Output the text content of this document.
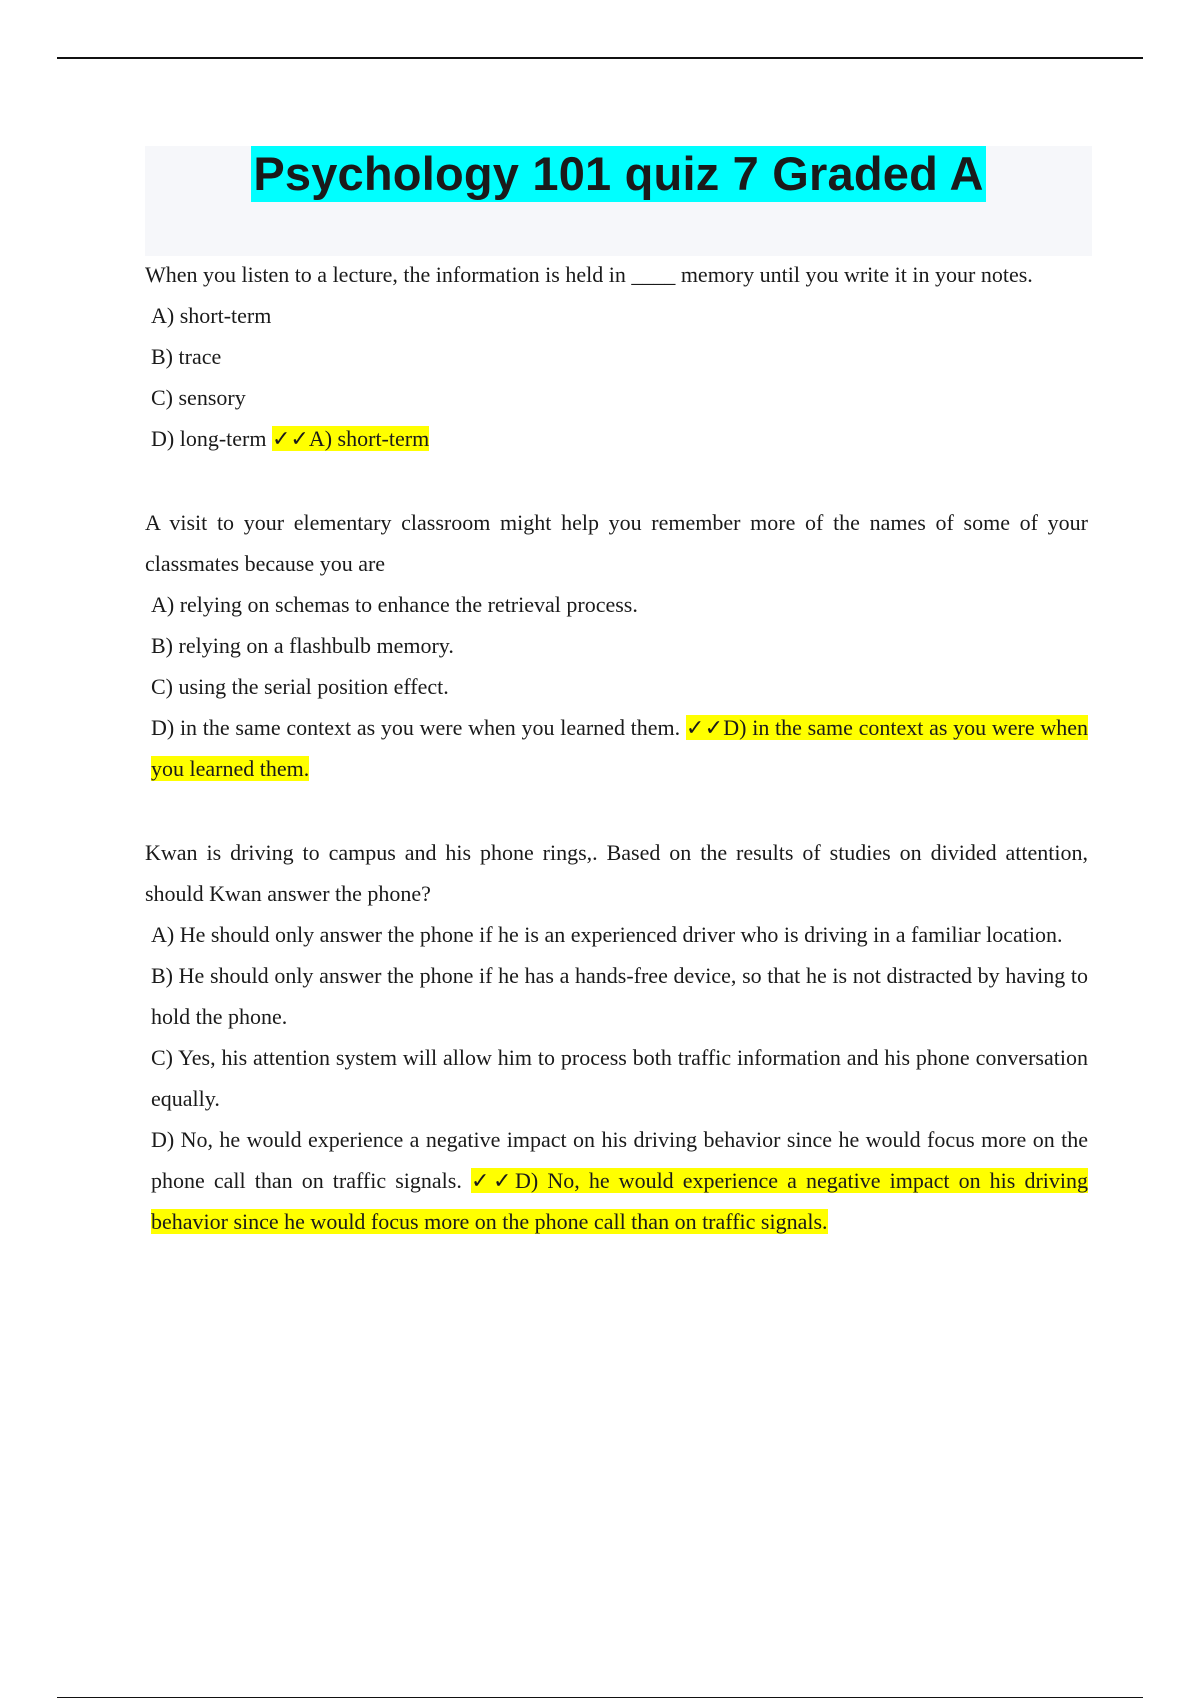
Psychology 101 quiz 7 Graded A

When you listen to a lecture, the information is held in ____ memory until you write it in your notes.

A) short-term

B) trace

C) sensory

D) long-term ✓✓A) short-term

A visit to your elementary classroom might help you remember more of the names of some of your classmates because you are

A) relying on schemas to enhance the retrieval process.

B) relying on a flashbulb memory.

C) using the serial position effect.

D) in the same context as you were when you learned them. ✓✓D) in the same context as you were when you learned them.

Kwan is driving to campus and his phone rings,. Based on the results of studies on divided attention, should Kwan answer the phone?

A) He should only answer the phone if he is an experienced driver who is driving in a familiar location.

B) He should only answer the phone if he has a hands-free device, so that he is not distracted by having to hold the phone.

C) Yes, his attention system will allow him to process both traffic information and his phone conversation equally.

D) No, he would experience a negative impact on his driving behavior since he would focus more on the phone call than on traffic signals. ✓✓D) No, he would experience a negative impact on his driving behavior since he would focus more on the phone call than on traffic signals.
